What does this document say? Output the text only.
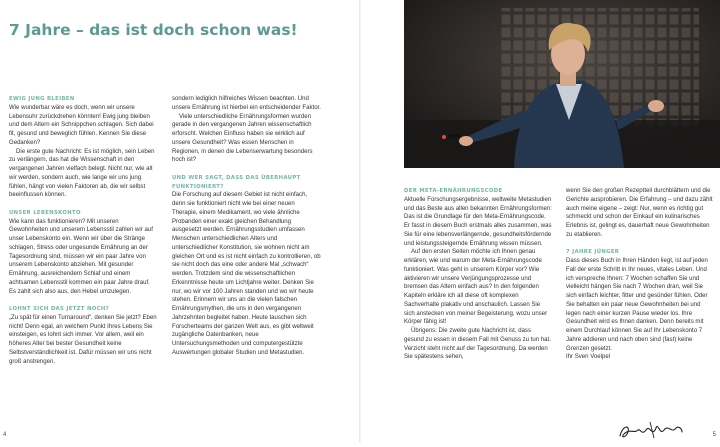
7 Jahre – das ist doch schon was!
EWIG JUNG BLEIBEN

Wie wunderbar wäre es doch, wenn wir unsere Lebensuhr zurückdrehen könnten! Ewig jung bleiben und dem Altern ein Schnippchen schlagen. Sich dabei fit, gesund und beweglich fühlen. Kennen Sie diese Gedanken?

Die erste gute Nachricht: Es ist möglich, sein Leben zu verlängern, das hat die Wissenschaft in den vergangenen Jahren vielfach belegt. Nicht nur, wie alt wir werden, sondern auch, wie lange wir uns jung fühlen, hängt von vielen Faktoren ab, die wir selbst beeinflussen können.

UNSER LEBENSKONTO

Wie kann das funktionieren? Mit unseren Gewohnheiten und unserem Lebensstil zahlen wir auf unser Lebenskonto ein. Wenn wir über die Stränge schlagen, Stress oder ungesunde Ernährung an der Tagesordnung sind, müssen wir ein paar Jahre von unserem Lebenskonto abziehen. Mit gesunder Ernährung, ausreichendem Schlaf und einem achtsamen Lebensstil kommen ein paar Jahre drauf. Es zahlt sich also aus, den Hebel umzulegen.

LOHNT SICH DAS JETZT NOCH?

„Zu spät für einen Turnaround“, denken Sie jetzt? Eben nicht! Denn egal, an welchem Punkt Ihres Lebens Sie einsteigen, es lohnt sich immer. Vor allem, weil ein höheres Alter bei bester Gesundheit keine Selbstverständlichkeit ist. Dafür müssen wir uns nicht groß anstrengen,

sondern lediglich hilfreiches Wissen beachten. Und unsere Ernährung ist hierbei ein entscheidender Faktor.

Viele unterschiedliche Ernährungsformen wurden gerade in den vergangenen Jahren wissenschaftlich erforscht. Welchen Einfluss haben sie wirklich auf unsere Gesundheit? Was essen Menschen in Regionen, in denen die Lebenserwartung besonders hoch ist?

UND WER SAGT, DASS DAS ÜBERHAUPT FUNKTIONIERT?

Die Forschung auf diesem Gebiet ist nicht einfach, denn sie funktioniert nicht wie bei einer neuen Therapie, einem Medikament, wo viele ähnliche Probanden einer exakt gleichen Behandlung ausgesetzt werden. Ernährungsstudien umfassen Menschen unterschiedlichen Alters und unterschiedlicher Konstitution, sie wohnen nicht am gleichen Ort und es ist nicht einfach zu kontrollieren, ob sie nicht doch das eine oder andere Mal „schwach“ werden. Trotzdem sind die wissenschaftlichen Erkenntnisse heute um Lichtjahre weiter. Denken Sie nur, wo wir vor 100 Jahren standen und wo wir heute stehen. Erinnern wir uns an die vielen falschen Ernährungsmythen, die uns in den vergangenen Jahrzehnten begleitet haben. Heute tauschen sich Forscherteams der ganzen Welt aus, es gibt weltweit zugängliche Datenbanken, neue Untersuchungsmethoden und computergestützte Auswertungen globaler Studien und Metastudien.

DER META-ERNÄHRUNGSCODE

Aktuelle Forschungsergebnisse, weltweite Metastudien und das Beste aus allen bekannten Ernährungsformen: Das ist die Grundlage für den Meta-Ernährungscode. Er fasst in diesem Buch erstmals alles zusammen, was Sie für eine lebensverlängernde, gesundheitsfördernde und leistungssteigernde Ernährung wissen müssen.

Auf den ersten Seiten möchte ich Ihnen genau erklären, wie und warum der Meta-Ernährungscode funktioniert. Was geht in unserem Körper vor? Wie aktivieren wir unsere Verjüngungsprozesse und bremsen das Altern einfach aus? In den folgenden Kapiteln erkläre ich all diese oft komplexen Sachverhalte plakativ und anschaulich. Lassen Sie sich anstecken von meiner Begeisterung, wozu unser Körper fähig ist!

Übrigens: Die zweite gute Nachricht ist, dass gesund zu essen in diesem Fall mit Genuss zu tun hat. Verzicht steht nicht auf der Tagesordnung. Da werden Sie spätestens sehen,

wenn Sie den großen Rezeptteil durchblättern und die Gerichte ausprobieren. Die Erfahrung – und dazu zählt auch meine eigene – zeigt: Nur, wenn es richtig gut schmeckt und schon der Einkauf ein kulinarisches Erlebnis ist, gelingt es, dauerhaft neue Gewohnheiten zu etablieren.

7 JAHRE JÜNGER

Dass dieses Buch in Ihren Händen liegt, ist auf jeden Fall der erste Schritt in Ihr neues, vitales Leben. Und ich verspreche Ihnen: 7 Wochen schaffen Sie und vielleicht hängen Sie nach 7 Wochen dran, weil Sie sich einfach leichter, fitter und gesünder fühlen. Oder Sie behalten ein paar neue Gewohnheiten bei und legen nach einer kurzen Pause wieder los. Ihre Gesundheit wird es Ihnen danken. Denn bereits mit einem Durchlauf können Sie auf Ihr Lebenskonto 7 Jahre addieren und nach oben sind (fast) keine Grenzen gesetzt.

Ihr Sven Voelpel

4	5
